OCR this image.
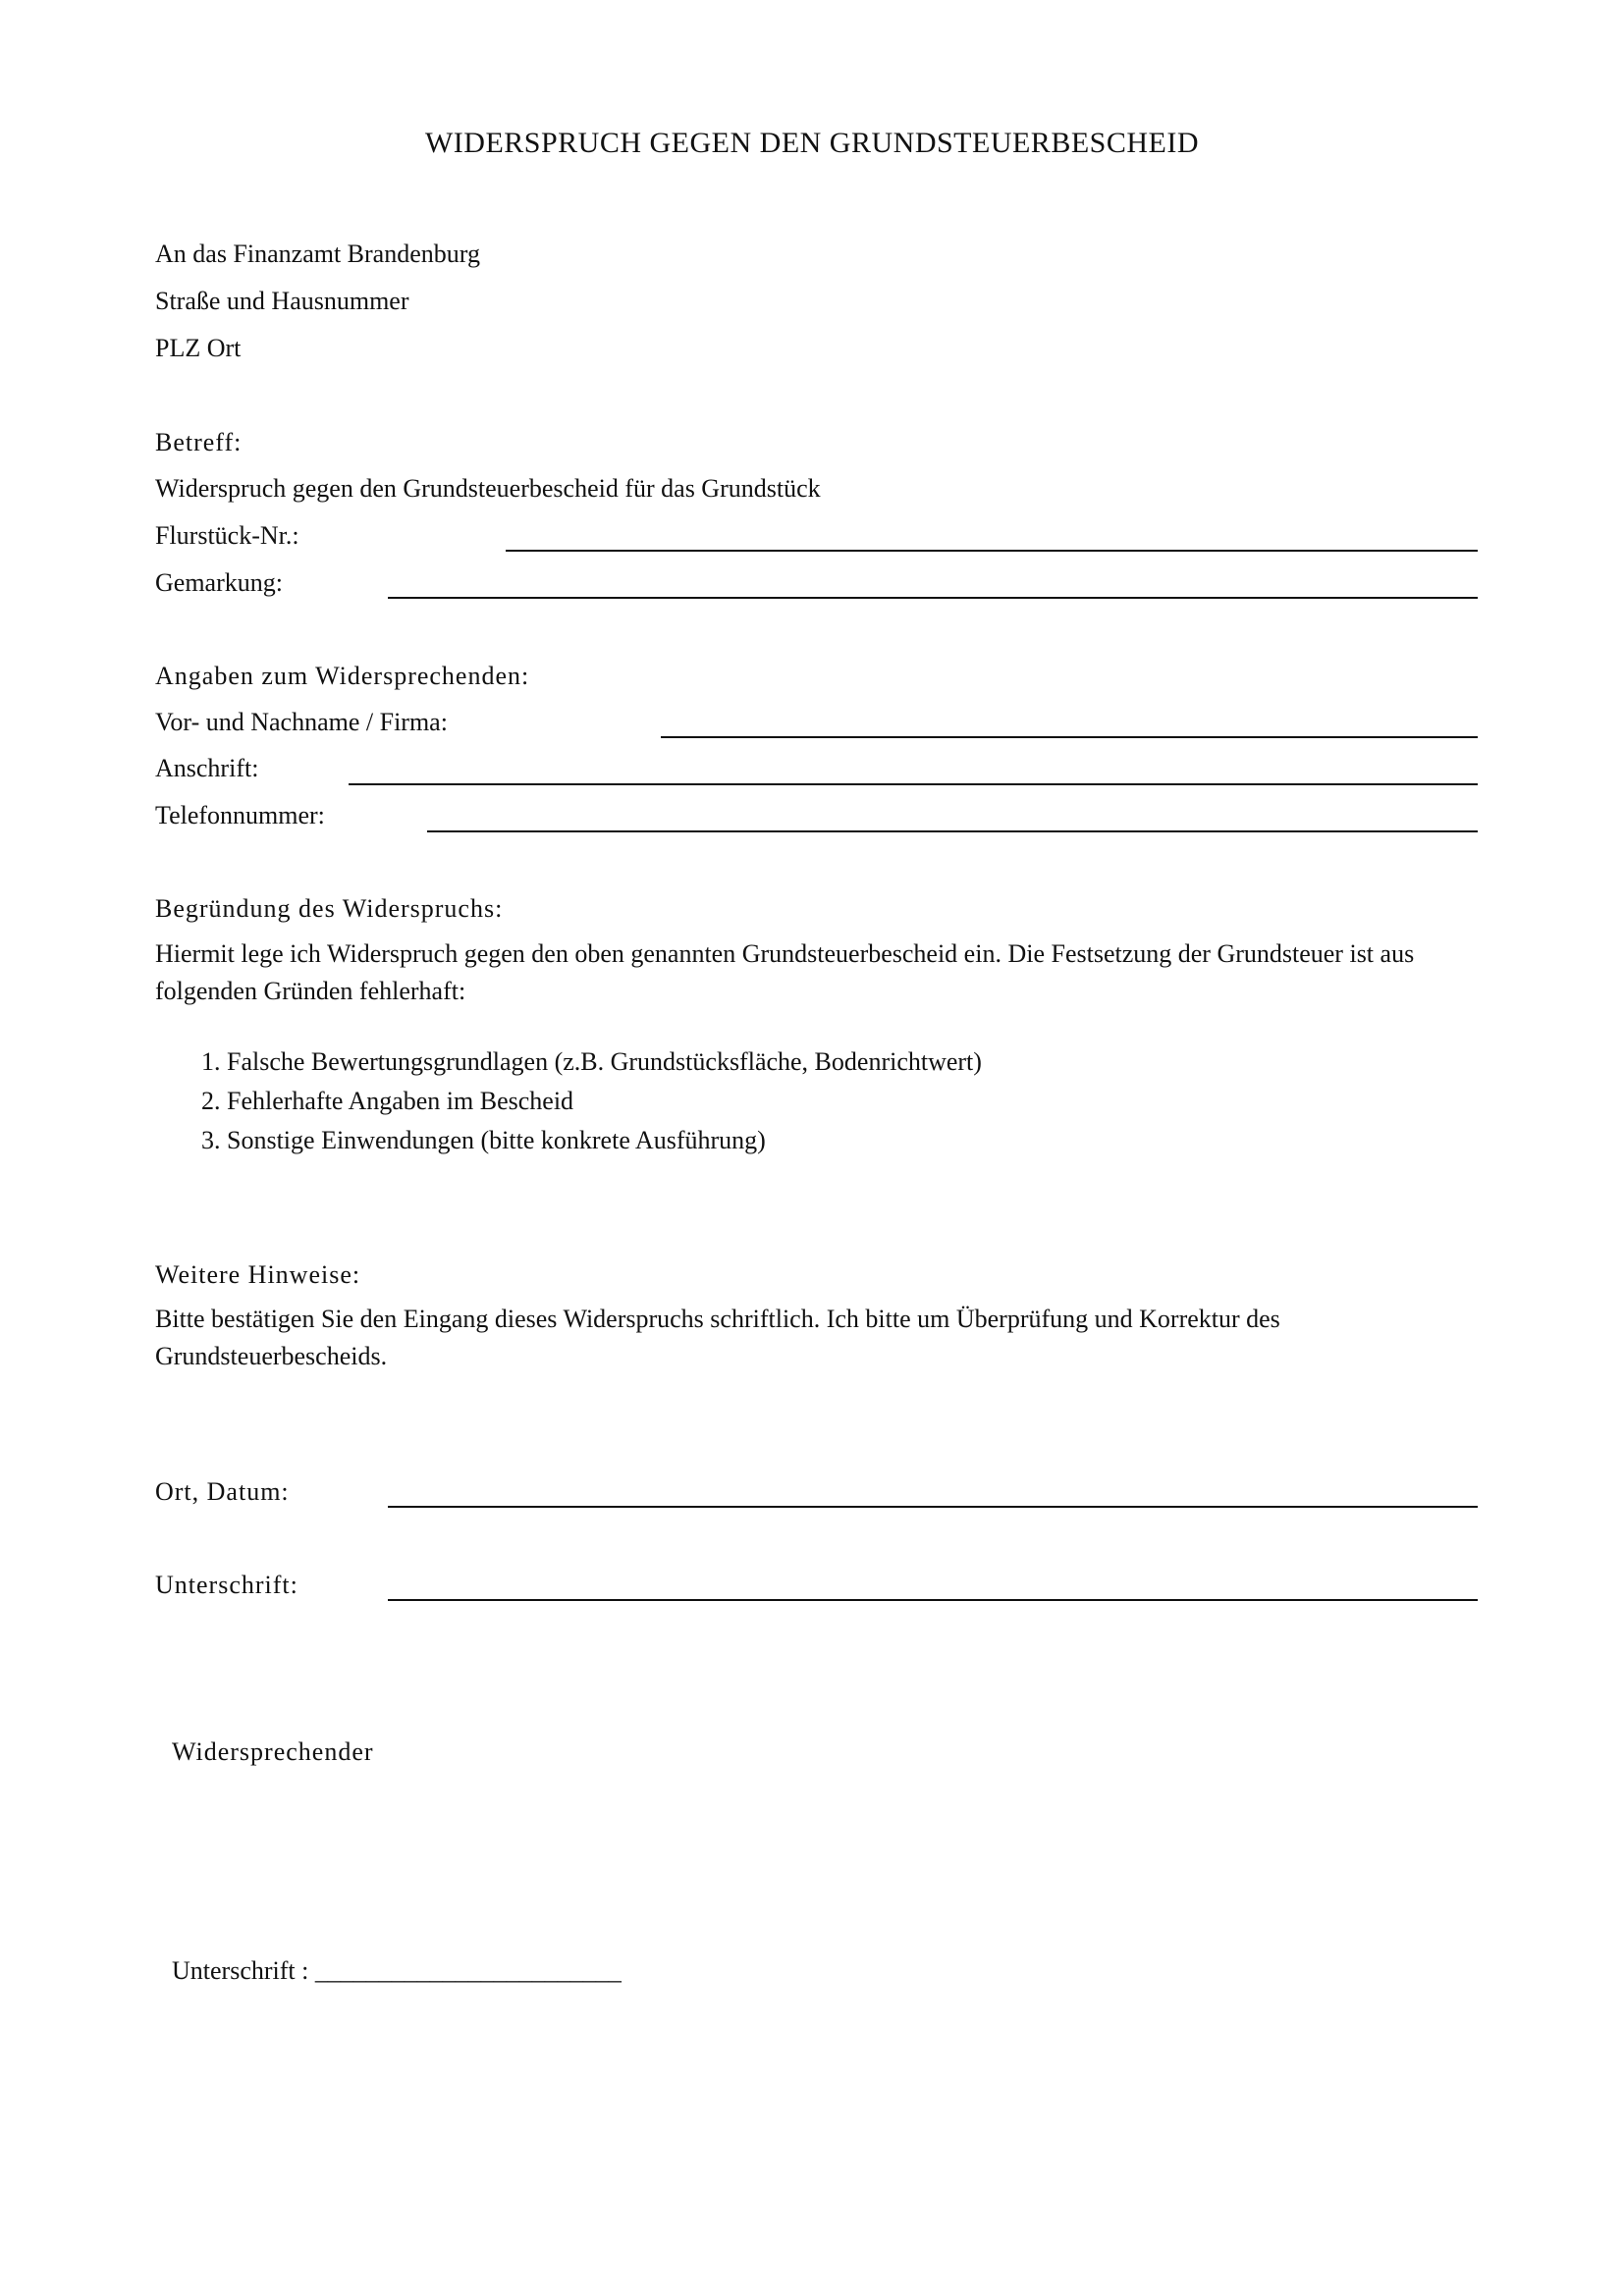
WIDERSPRUCH GEGEN DEN GRUNDSTEUERBESCHEID
An das Finanzamt Brandenburg
Straße und Hausnummer
PLZ Ort
Betreff:
Widerspruch gegen den Grundsteuerbescheid für das Grundstück
Flurstück-Nr.:
Gemarkung:
Angaben zum Widersprechenden:
Vor- und Nachname / Firma:
Anschrift:
Telefonnummer:
Begründung des Widerspruchs:
Hiermit lege ich Widerspruch gegen den oben genannten Grundsteuerbescheid ein. Die Festsetzung der Grundsteuer ist aus folgenden Gründen fehlerhaft:
1. Falsche Bewertungsgrundlagen (z.B. Grundstücksfläche, Bodenrichtwert)
2. Fehlerhafte Angaben im Bescheid
3. Sonstige Einwendungen (bitte konkrete Ausführung)
Weitere Hinweise:
Bitte bestätigen Sie den Eingang dieses Widerspruchs schriftlich. Ich bitte um Überprüfung und Korrektur des Grundsteuerbescheids.
Ort, Datum:
Unterschrift:
Widersprechender
Unterschrift : ________________________
